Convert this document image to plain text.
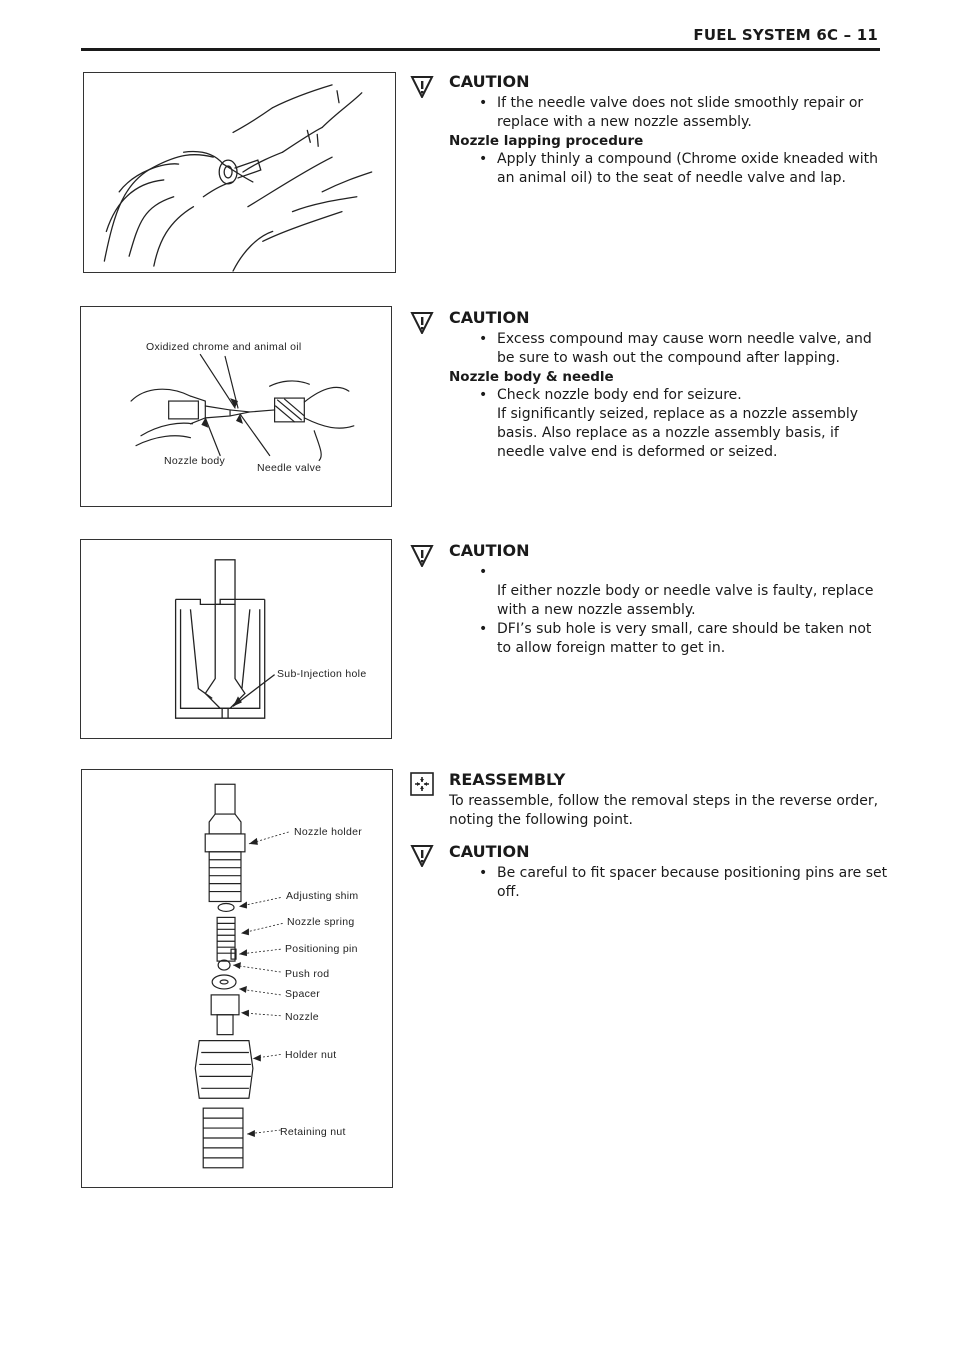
FUEL SYSTEM 6C – 11
Oxidized chrome and animal oil
Nozzle body
Needle valve
Sub-Injection hole
Nozzle holder
Adjusting shim
Nozzle spring
Positioning pin
Push rod
Spacer
Nozzle
Holder nut
Retaining nut
CAUTION
• If the needle valve does not slide smoothly repair or replace with a new nozzle assembly.
Nozzle lapping procedure
• Apply thinly a compound (Chrome oxide kneaded with an animal oil) to the seat of needle valve and lap.
CAUTION
• Excess compound may cause worn needle valve, and be sure to wash out the compound after lapping.
Nozzle body & needle
• Check nozzle body end for seizure.
If significantly seized, replace as a nozzle assembly basis. Also replace as a nozzle assembly basis, if needle valve end is deformed or seized.
CAUTION
•
If either nozzle body or needle valve is faulty, replace with a new nozzle assembly.
• DFI’s sub hole is very small, care should be taken not to allow foreign matter to get in.
REASSEMBLY
To reassemble, follow the removal steps in the reverse order, noting the following point.
CAUTION
• Be careful to fit spacer because positioning pins are set off.
